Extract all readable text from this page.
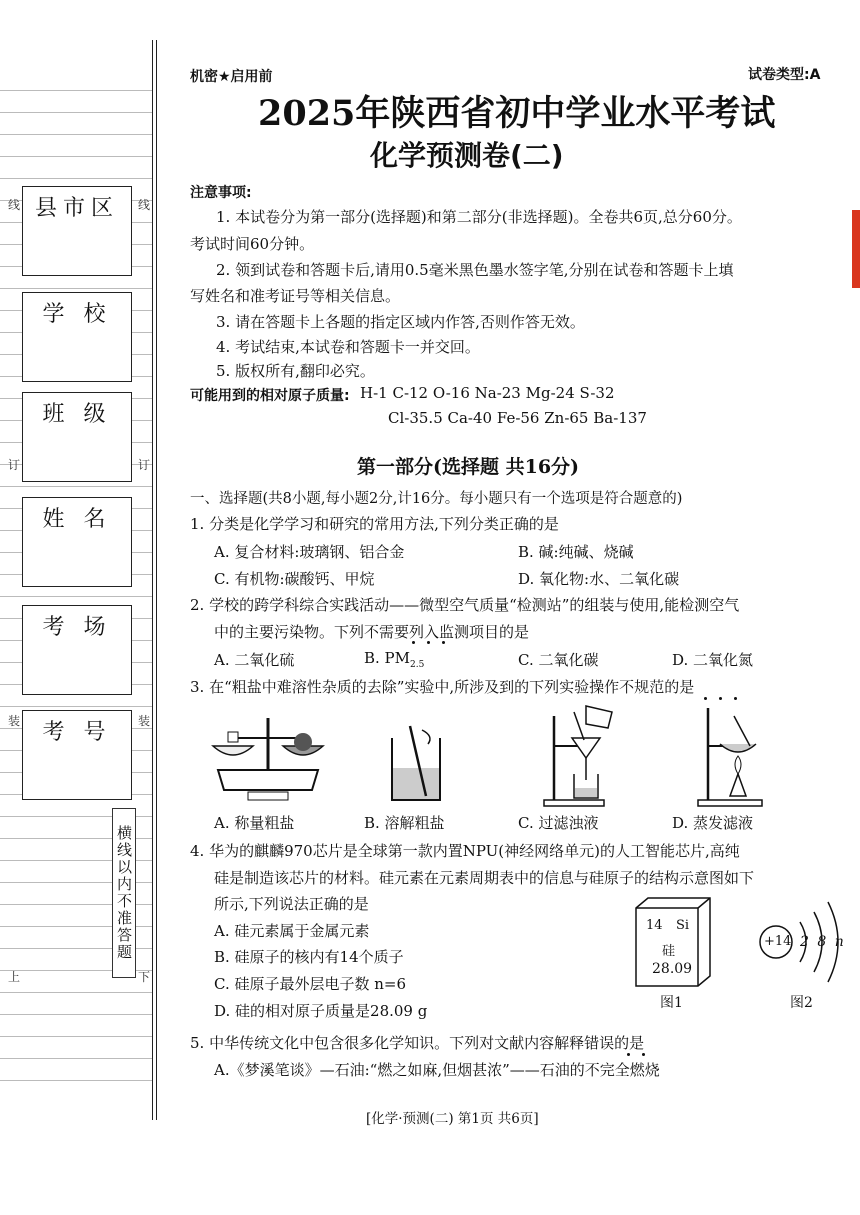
县市区
学 校
班 级
姓 名
考 场
考 号
线	线
订	订
装	装
上	下
横线以内不准答题
机密★启用前	试卷类型:A
2025年陕西省初中学业水平考试
化学预测卷(二)
注意事项:
1. 本试卷分为第一部分(选择题)和第二部分(非选择题)。全卷共6页,总分60分。
考试时间60分钟。
2. 领到试卷和答题卡后,请用0.5毫米黑色墨水签字笔,分别在试卷和答题卡上填
写姓名和准考证号等相关信息。
3. 请在答题卡上各题的指定区域内作答,否则作答无效。
4. 考试结束,本试卷和答题卡一并交回。
5. 版权所有,翻印必究。
可能用到的相对原子质量: H-1 C-12 O-16 Na-23 Mg-24 S-32
Cl-35.5 Ca-40 Fe-56 Zn-65 Ba-137
第一部分(选择题 共16分)
一、选择题(共8小题,每小题2分,计16分。每小题只有一个选项是符合题意的)
1. 分类是化学学习和研究的常用方法,下列分类正确的是
A. 复合材料:玻璃钢、铝合金	B. 碱:纯碱、烧碱
C. 有机物:碳酸钙、甲烷	D. 氧化物:水、二氧化碳
2. 学校的跨学科综合实践活动——微型空气质量“检测站”的组装与使用,能检测空气
中的主要污染物。下列不需要列入监测项目的是
A. 二氧化硫	B. $PM_{2.5}$	C. 二氧化碳	D. 二氧化氮
3. 在“粗盐中难溶性杂质的去除”实验中,所涉及到的下列实验操作不规范的是
A. 称量粗盐	B. 溶解粗盐	C. 过滤浊液	D. 蒸发滤液
4. 华为的麒麟970芯片是全球第一款内置NPU(神经网络单元)的人工智能芯片,高纯
硅是制造该芯片的材料。硅元素在元素周期表中的信息与硅原子的结构示意图如下
所示,下列说法正确的是
A. 硅元素属于金属元素
B. 硅原子的核内有14个质子
C. 硅原子最外层电子数 n=6
D. 硅的相对原子质量是28.09 g
14 Si
硅
28.09
图1
+14 2 8 n
图2
5. 中华传统文化中包含很多化学知识。下列对文献内容解释错误的是
A.《梦溪笔谈》—石油:“燃之如麻,但烟甚浓”——石油的不完全燃烧
[化学·预测(二) 第1页 共6页]
